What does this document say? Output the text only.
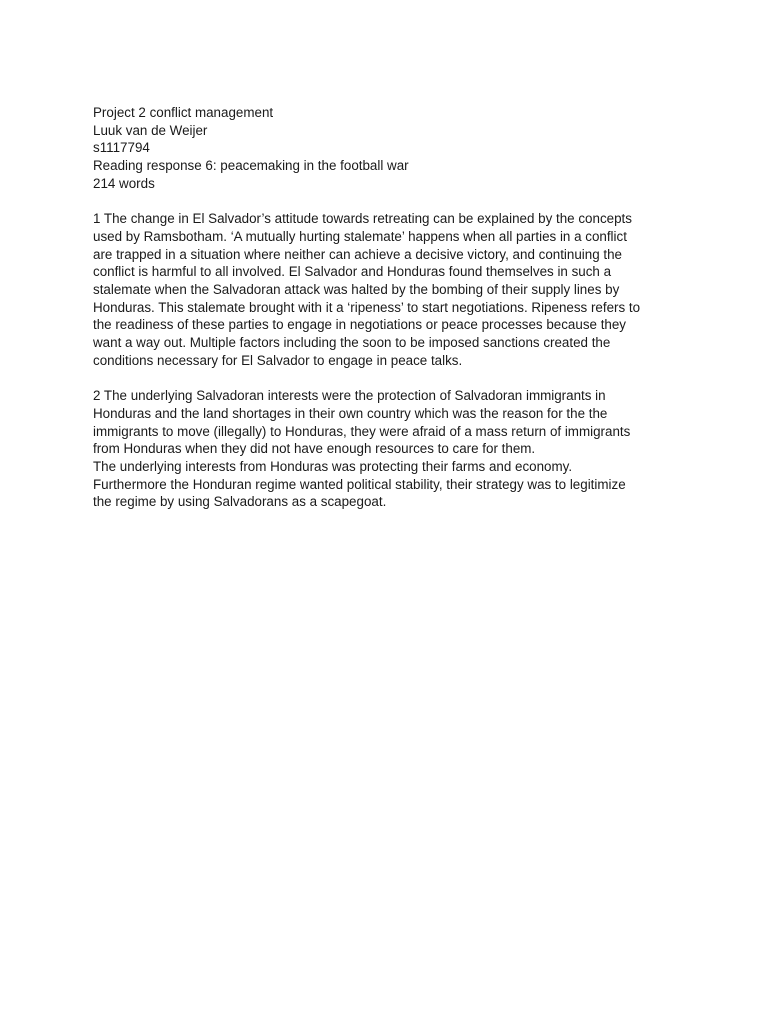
Project 2 conflict management
Luuk van de Weijer
s1117794
Reading response 6: peacemaking in the football war
214 words
1 The change in El Salvador’s attitude towards retreating can be explained by the concepts
used by Ramsbotham. ‘A mutually hurting stalemate’ happens when all parties in a conflict
are trapped in a situation where neither can achieve a decisive victory, and continuing the
conflict is harmful to all involved. El Salvador and Honduras found themselves in such a
stalemate when the Salvadoran attack was halted by the bombing of their supply lines by
Honduras. This stalemate brought with it a ‘ripeness’ to start negotiations. Ripeness refers to
the readiness of these parties to engage in negotiations or peace processes because they
want a way out. Multiple factors including the soon to be imposed sanctions created the
conditions necessary for El Salvador to engage in peace talks.
2 The underlying Salvadoran interests were the protection of Salvadoran immigrants in
Honduras and the land shortages in their own country which was the reason for the the
immigrants to move (illegally) to Honduras, they were afraid of a mass return of immigrants
from Honduras when they did not have enough resources to care for them.
The underlying interests from Honduras was protecting their farms and economy.
Furthermore the Honduran regime wanted political stability, their strategy was to legitimize
the regime by using Salvadorans as a scapegoat.
